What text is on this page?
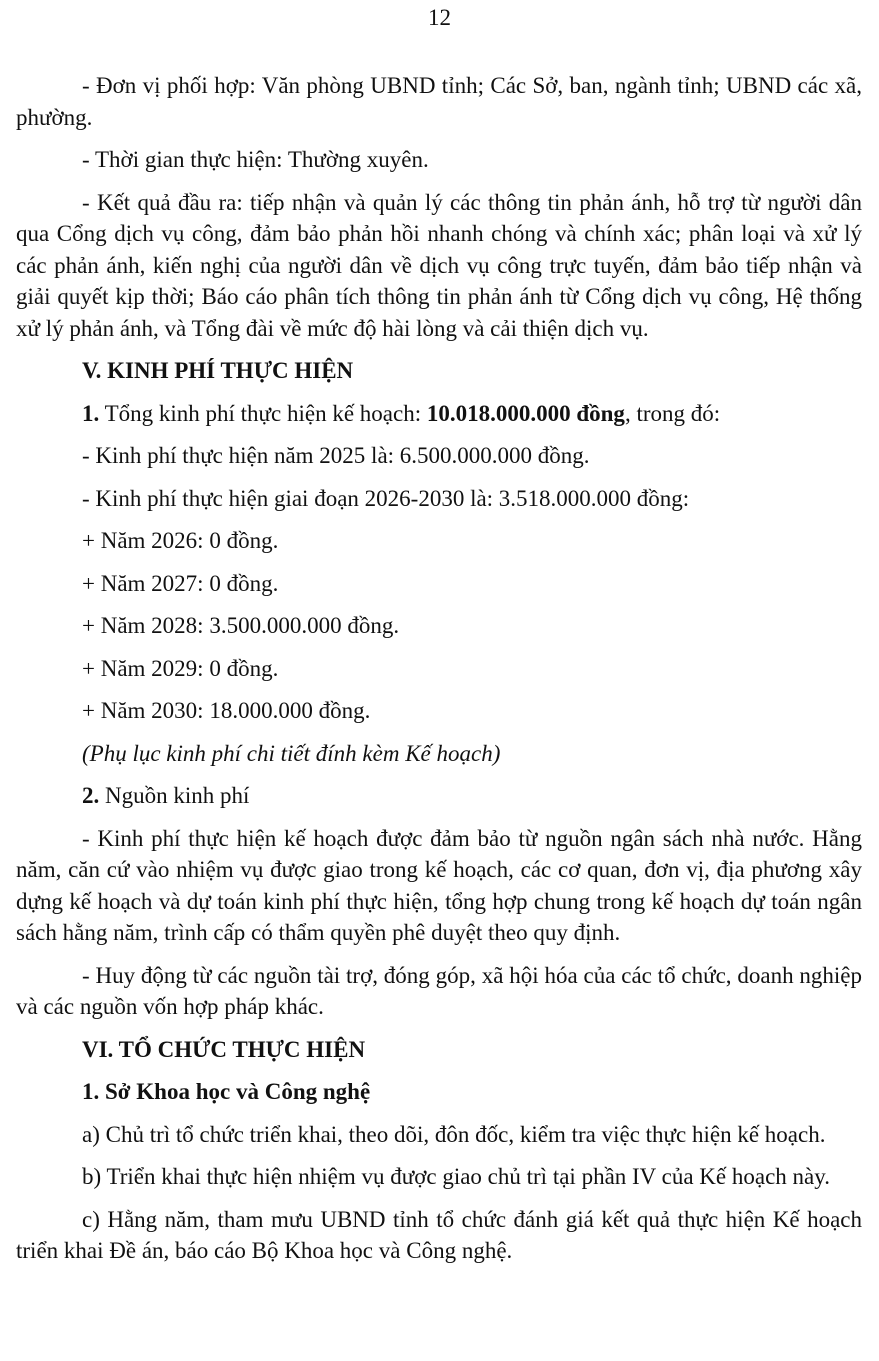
12

- Đơn vị phối hợp: Văn phòng UBND tỉnh; Các Sở, ban, ngành tỉnh; UBND các xã, phường.

- Thời gian thực hiện: Thường xuyên.

- Kết quả đầu ra: tiếp nhận và quản lý các thông tin phản ánh, hỗ trợ từ người dân qua Cổng dịch vụ công, đảm bảo phản hồi nhanh chóng và chính xác; phân loại và xử lý các phản ánh, kiến nghị của người dân về dịch vụ công trực tuyến, đảm bảo tiếp nhận và giải quyết kịp thời; Báo cáo phân tích thông tin phản ánh từ Cổng dịch vụ công, Hệ thống xử lý phản ánh, và Tổng đài về mức độ hài lòng và cải thiện dịch vụ.

V. KINH PHÍ THỰC HIỆN

1. Tổng kinh phí thực hiện kế hoạch: 10.018.000.000 đồng, trong đó:

- Kinh phí thực hiện năm 2025 là: 6.500.000.000 đồng.

- Kinh phí thực hiện giai đoạn 2026-2030 là: 3.518.000.000 đồng:

+ Năm 2026: 0 đồng.

+ Năm 2027: 0 đồng.

+ Năm 2028: 3.500.000.000 đồng.

+ Năm 2029: 0 đồng.

+ Năm 2030: 18.000.000 đồng.

(Phụ lục kinh phí chi tiết đính kèm Kế hoạch)

2. Nguồn kinh phí

- Kinh phí thực hiện kế hoạch được đảm bảo từ nguồn ngân sách nhà nước. Hằng năm, căn cứ vào nhiệm vụ được giao trong kế hoạch, các cơ quan, đơn vị, địa phương xây dựng kế hoạch và dự toán kinh phí thực hiện, tổng hợp chung trong kế hoạch dự toán ngân sách hằng năm, trình cấp có thẩm quyền phê duyệt theo quy định.

- Huy động từ các nguồn tài trợ, đóng góp, xã hội hóa của các tổ chức, doanh nghiệp và các nguồn vốn hợp pháp khác.

VI. TỔ CHỨC THỰC HIỆN

1. Sở Khoa học và Công nghệ

a) Chủ trì tổ chức triển khai, theo dõi, đôn đốc, kiểm tra việc thực hiện kế hoạch.

b) Triển khai thực hiện nhiệm vụ được giao chủ trì tại phần IV của Kế hoạch này.

c) Hằng năm, tham mưu UBND tỉnh tổ chức đánh giá kết quả thực hiện Kế hoạch triển khai Đề án, báo cáo Bộ Khoa học và Công nghệ.
